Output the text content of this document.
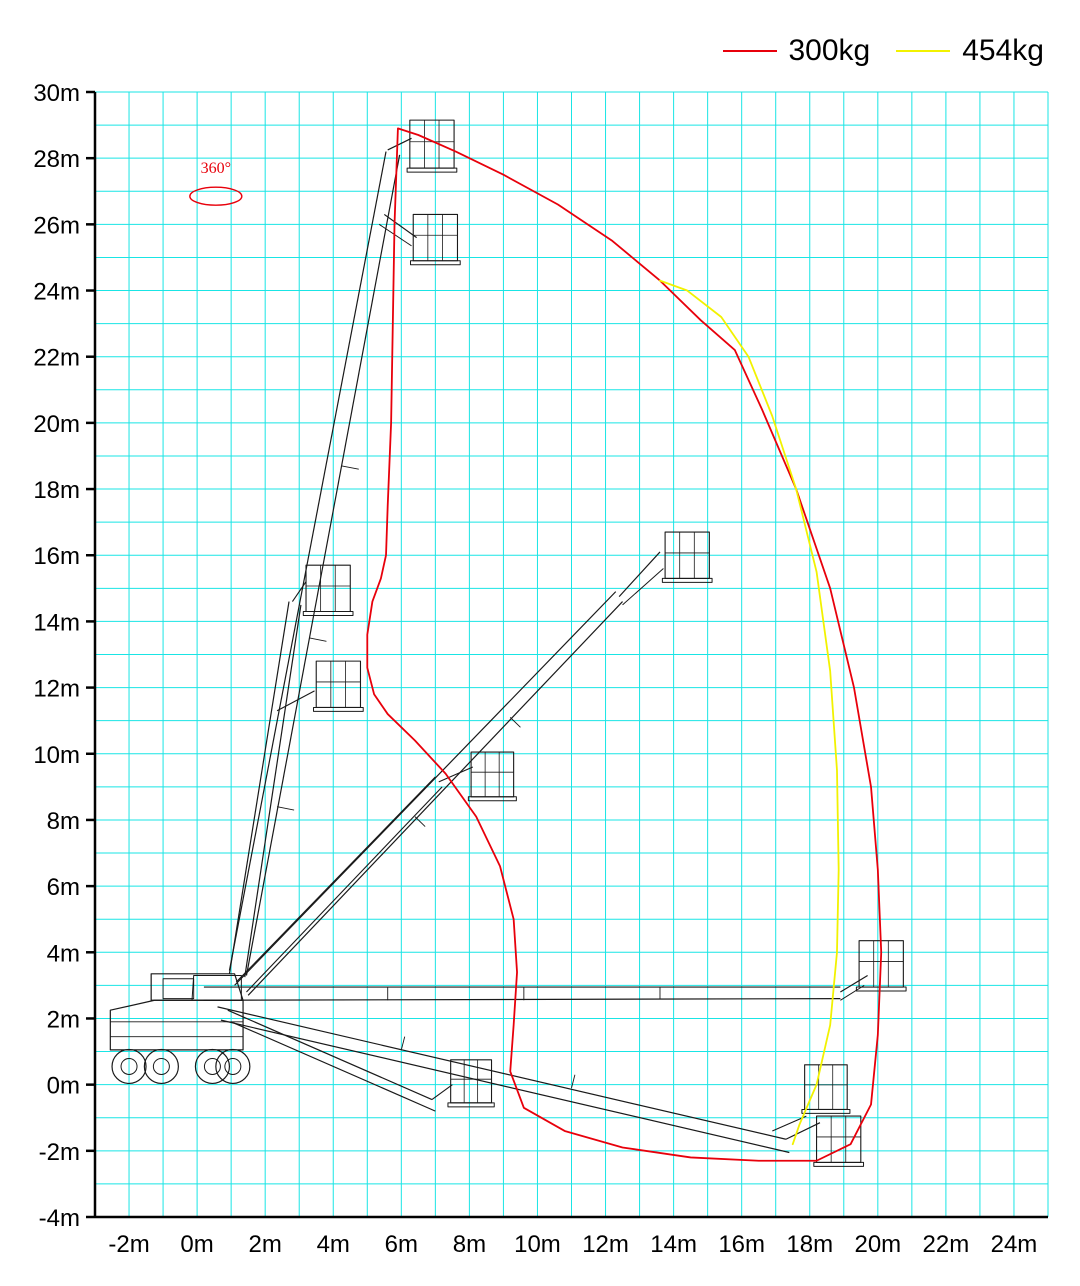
300kg	454kg
360°
-4m
-2m
0m
2m
4m
6m
8m
10m
12m
14m
16m
18m
20m
22m
24m
26m
28m
30m
-2m 0m 2m 4m 6m 8m 10m 12m 14m 16m 18m 20m 22m 24m
